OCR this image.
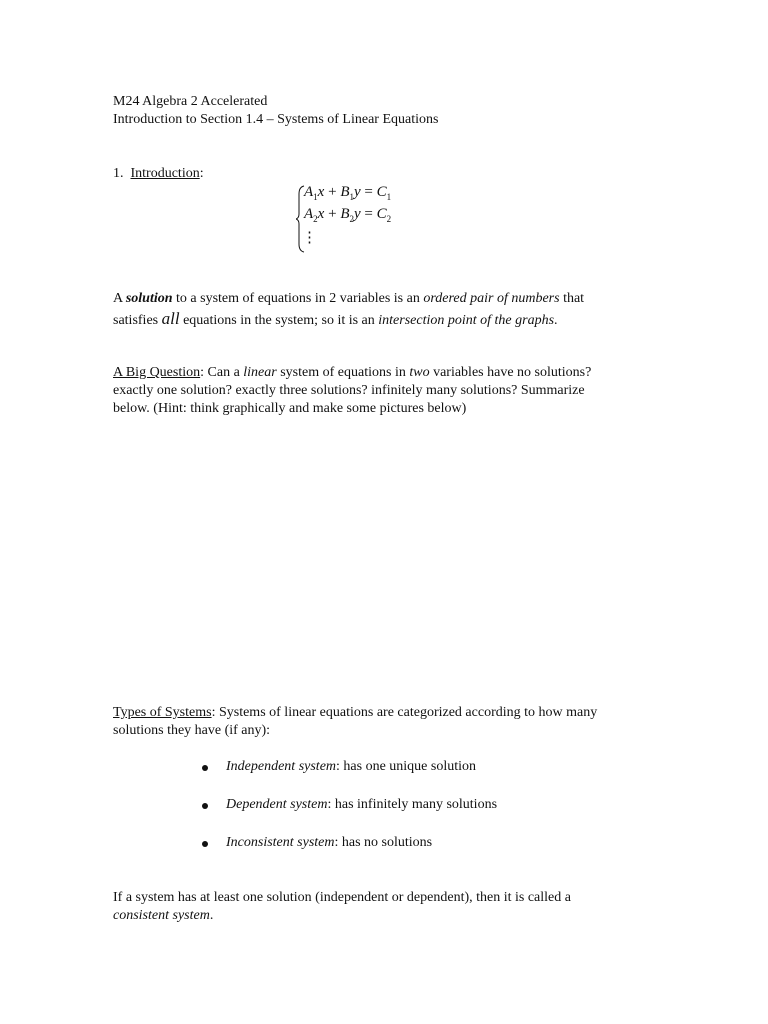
M24 Algebra 2 Accelerated
Introduction to Section 1.4 – Systems of Linear Equations
1. Introduction:
$A_1x + B_1y = C_1$
$A_2x + B_2y = C_2$
⋮
A solution to a system of equations in 2 variables is an ordered pair of numbers that
satisfies all equations in the system; so it is an intersection point of the graphs.
A Big Question: Can a linear system of equations in two variables have no solutions?
exactly one solution? exactly three solutions? infinitely many solutions? Summarize
below. (Hint: think graphically and make some pictures below)
Types of Systems: Systems of linear equations are categorized according to how many
solutions they have (if any):
Independent system: has one unique solution
Dependent system: has infinitely many solutions
Inconsistent system: has no solutions
If a system has at least one solution (independent or dependent), then it is called a
consistent system.
